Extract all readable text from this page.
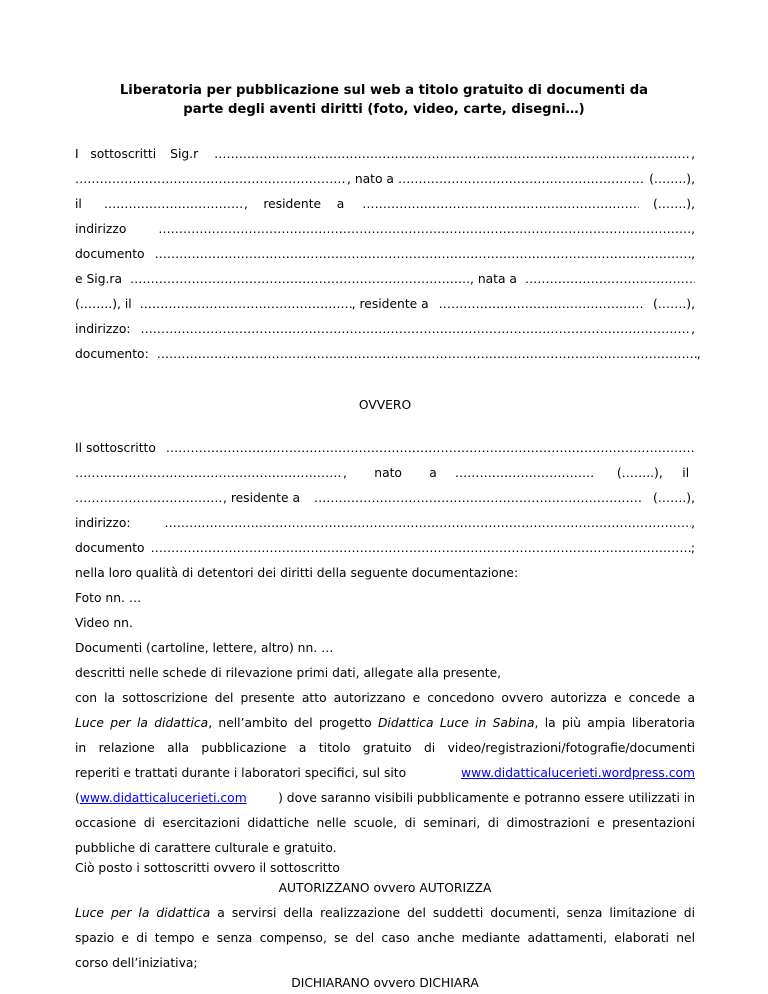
Liberatoria per pubblicazione sul web a titolo gratuito di documenti da
parte degli aventi diritti (foto, video, carte, disegni…)
I   sottoscritti Sig.r ……………………………………………………………………………………………………………………………………………………………………………………………………………………………………………………………………………………	,
……………………………………………………………………………………………………………………………………………………………………………………………………………………………………………………………………………………
, nato a ……………………………………………………………………………………………………………………………………………………………………………………………………………………………………………………………………………………	(……..),
il ……………………………………………………………………………………………………………………………………………………………………………………………………………………………………………………………………………………	,    residente    a ……………………………………………………………………………………………………………………………………………………………………………………………………………………………………………………………………………………	(…….),
indirizzo ……………………………………………………………………………………………………………………………………………………………………………………………………………………………………………………………………………………	,
documento ……………………………………………………………………………………………………………………………………………………………………………………………………………………………………………………………………………………	,
e Sig.ra ……………………………………………………………………………………………………………………………………………………………………………………………………………………………………………………………………………………	, nata a
……………………………………………………………………………………………………………………………………………………………………………………………………………………………………………………………………………………
(……..), il ……………………………………………………………………………………………………………………………………………………………………………………………………………………………………………………………………………………	, residente a ……………………………………………………………………………………………………………………………………………………………………………………………………………………………………………………………………………………	(…….),
indirizzo: ……………………………………………………………………………………………………………………………………………………………………………………………………………………………………………………………………………………	,
documento: ……………………………………………………………………………………………………………………………………………………………………………………………………………………………………………………………………………………	,
OVVERO
Il sottoscritto
……………………………………………………………………………………………………………………………………………………………………………………………………………………………………………………………………………………
……………………………………………………………………………………………………………………………………………………………………………………………………………………………………………………………………………………
,       nato       a ……………………………………………………………………………………………………………………………………………………………………………………………………………………………………………………………………………………	(……..),     il
……………………………………………………………………………………………………………………………………………………………………………………………………………………………………………………………………………………
, residente a ……………………………………………………………………………………………………………………………………………………………………………………………………………………………………………………………………………………	(…….),
indirizzo: ……………………………………………………………………………………………………………………………………………………………………………………………………………………………………………………………………………………	,
documento ……………………………………………………………………………………………………………………………………………………………………………………………………………………………………………………………………………………	;
nella loro qualità di detentori dei diritti della seguente documentazione:
Foto nn. …
Video nn.
Documenti (cartoline, lettere, altro) nn. …
descritti nelle schede di rilevazione primi dati, allegate alla presente,
con la sottoscrizione del presente atto autorizzano e concedono ovvero autorizza e concede a
Luce per la didattica, nell’ambito del progetto Didattica Luce in Sabina, la più ampia liberatoria
in relazione alla pubblicazione a titolo gratuito di video/registrazioni/fotografie/documenti
reperiti e trattati durante i laboratori specifici, sul sito	www.didatticalucerieti.wordpress.com
(www.didatticalucerieti.com	) dove saranno visibili pubblicamente e potranno essere utilizzati in
occasione di esercitazioni didattiche nelle scuole, di seminari, di dimostrazioni e presentazioni
pubbliche di carattere culturale e gratuito.
Ciò posto i sottoscritti ovvero il sottoscritto
AUTORIZZANO ovvero AUTORIZZA
Luce per la didattica a servirsi della realizzazione del suddetti documenti, senza limitazione di
spazio e di tempo e senza compenso, se del caso anche mediante adattamenti, elaborati nel
corso dell’iniziativa;
DICHIARANO ovvero DICHIARA
